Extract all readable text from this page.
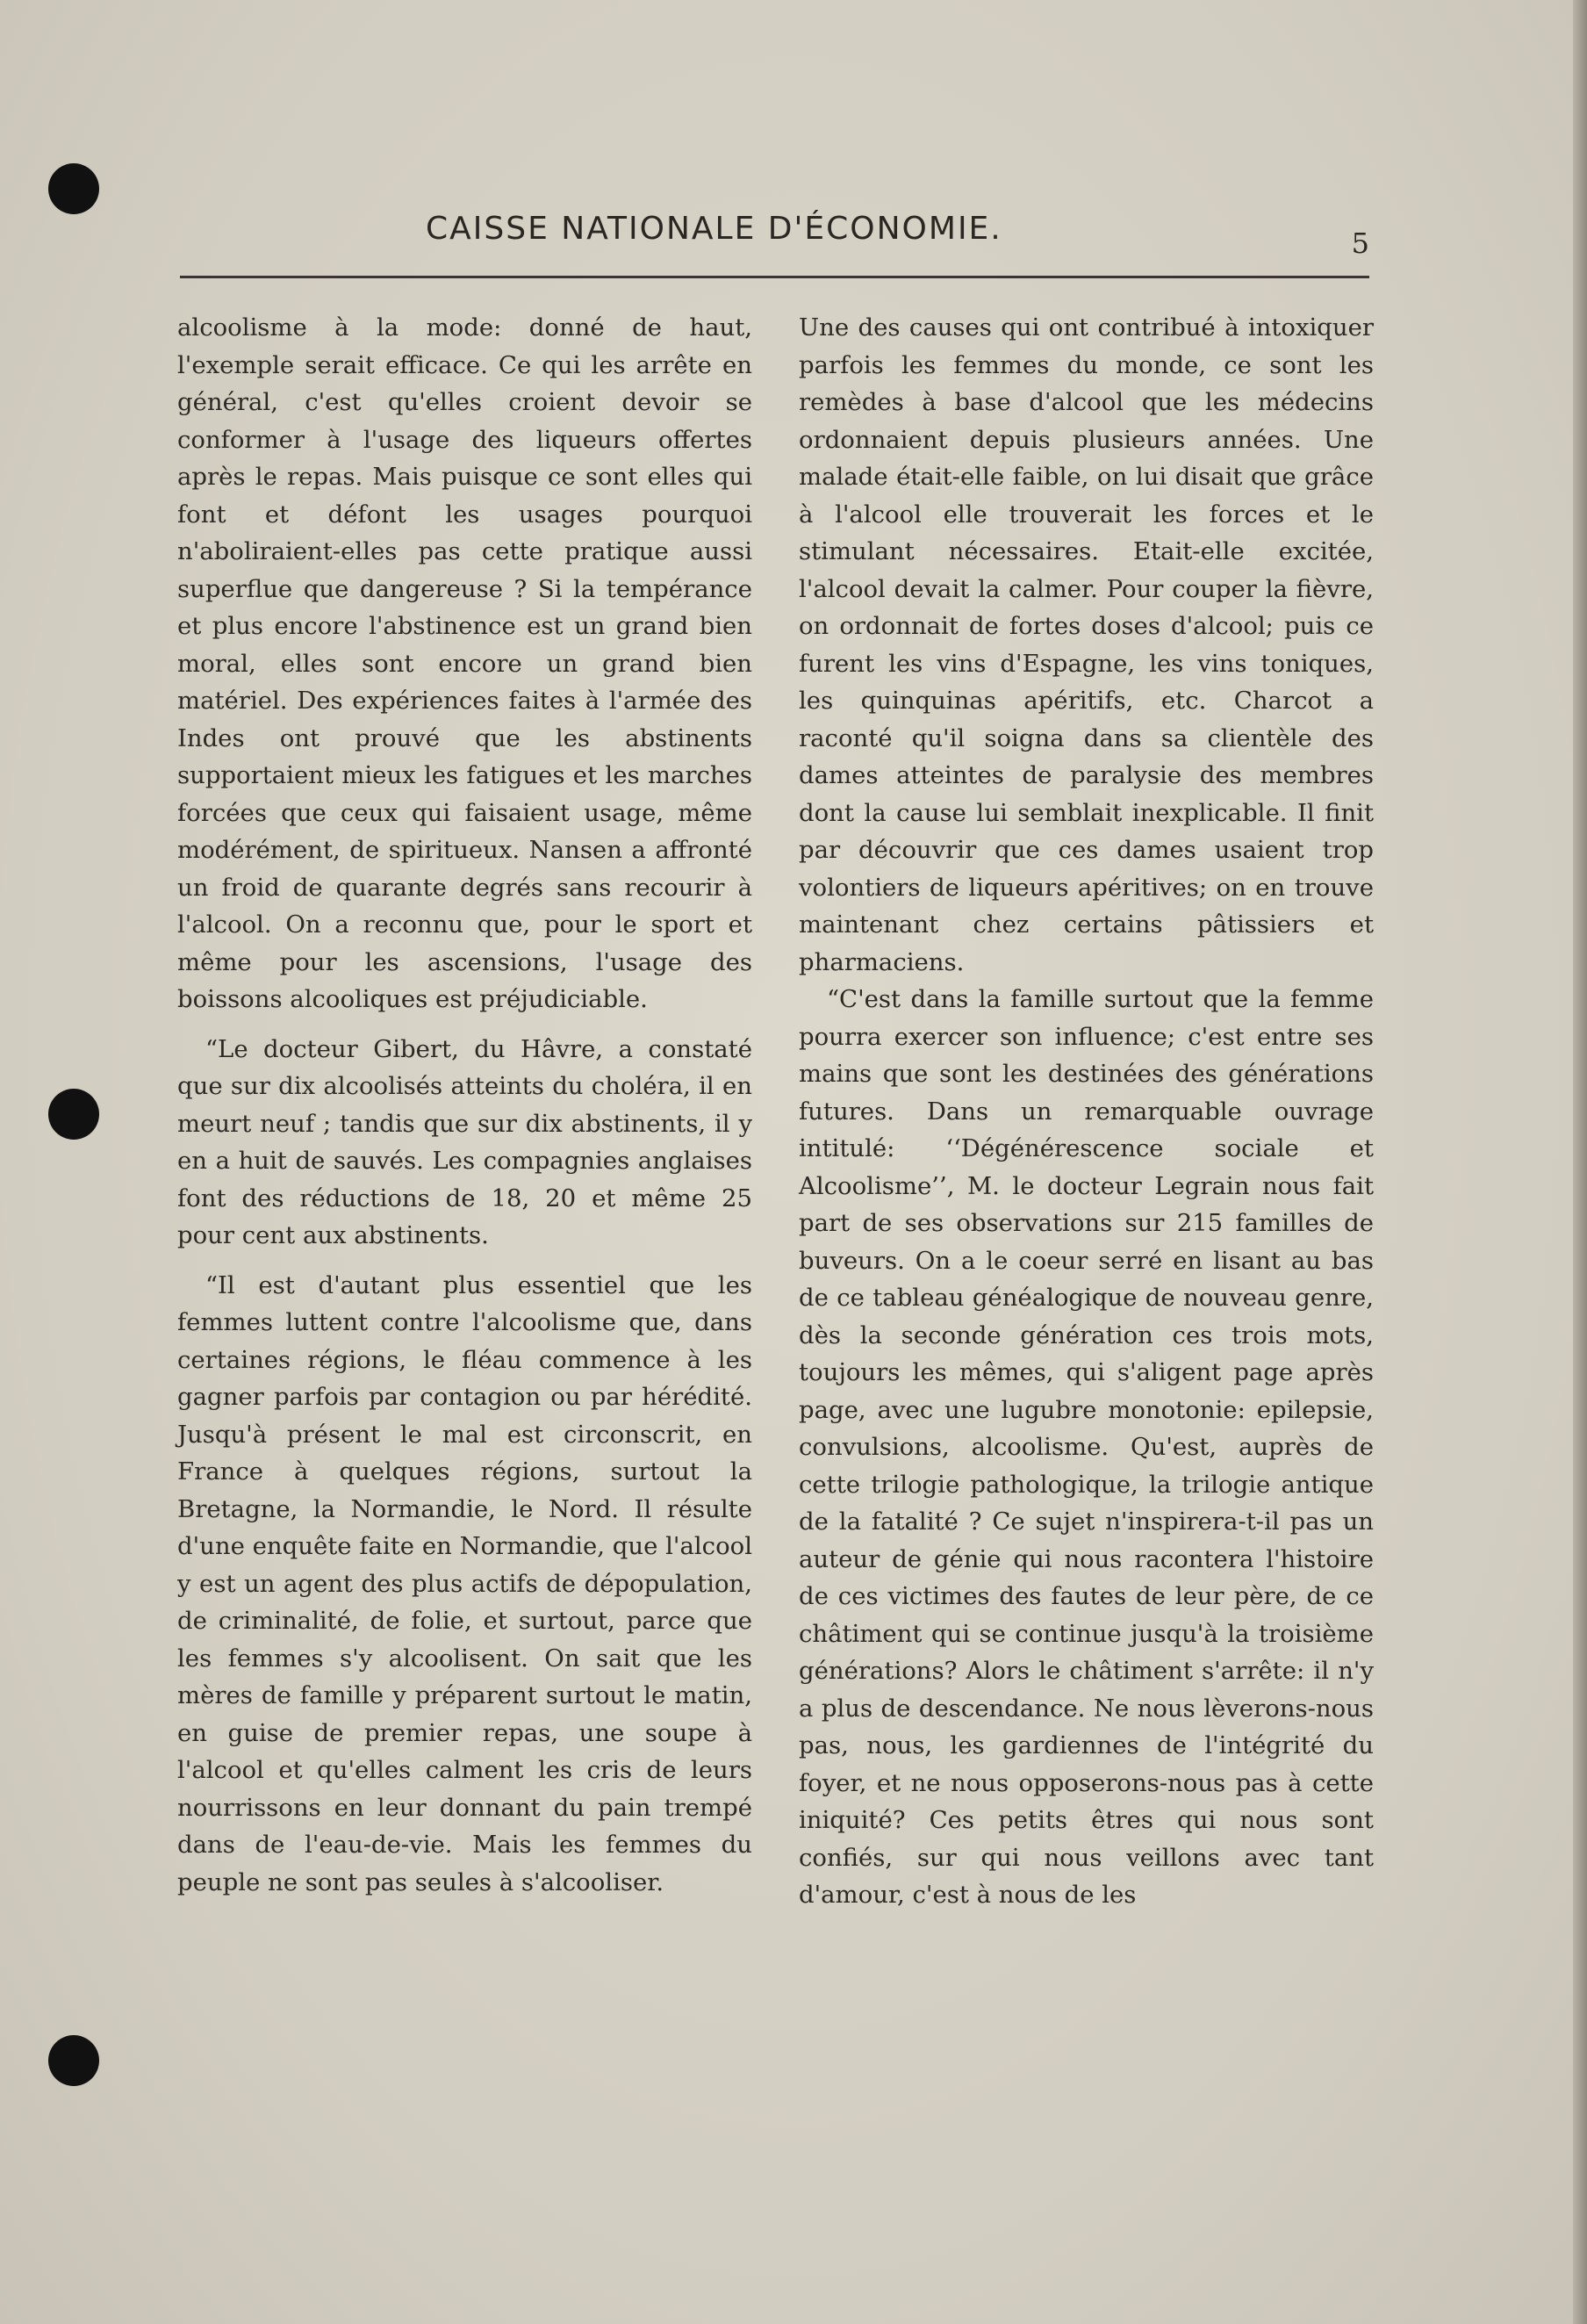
CAISSE NATIONALE D'ÉCONOMIE.	5

alcoolisme à la mode: donné de haut, l'exemple serait efficace. Ce qui les arrête en général, c'est qu'elles croient devoir se conformer à l'usage des liqueurs offertes après le repas. Mais puisque ce sont elles qui font et défont les usages pourquoi n'aboliraient-elles pas cette pratique aussi superflue que dangereuse ? Si la tempérance et plus encore l'abstinence est un grand bien moral, elles sont encore un grand bien matériel. Des expériences faites à l'armée des Indes ont prouvé que les abstinents supportaient mieux les fatigues et les marches forcées que ceux qui faisaient usage, même modérément, de spiritueux. Nansen a affronté un froid de quarante degrés sans recourir à l'alcool. On a reconnu que, pour le sport et même pour les ascensions, l'usage des boissons alcooliques est préjudiciable.

“Le docteur Gibert, du Hâvre, a constaté que sur dix alcoolisés atteints du choléra, il en meurt neuf ; tandis que sur dix abstinents, il y en a huit de sauvés. Les compagnies anglaises font des réductions de 18, 20 et même 25 pour cent aux abstinents.

“Il est d'autant plus essentiel que les femmes luttent contre l'alcoolisme que, dans certaines régions, le fléau commence à les gagner parfois par contagion ou par hérédité. Jusqu'à présent le mal est circonscrit, en France à quelques régions, surtout la Bretagne, la Normandie, le Nord. Il résulte d'une enquête faite en Normandie, que l'alcool y est un agent des plus actifs de dépopulation, de criminalité, de folie, et surtout, parce que les femmes s'y alcoolisent. On sait que les mères de famille y préparent surtout le matin, en guise de premier repas, une soupe à l'alcool et qu'elles calment les cris de leurs nourrissons en leur donnant du pain trempé dans de l'eau-de-vie. Mais les femmes du peuple ne sont pas seules à s'alcooliser.

Une des causes qui ont contribué à intoxiquer parfois les femmes du monde, ce sont les remèdes à base d'alcool que les médecins ordonnaient depuis plusieurs années. Une malade était-elle faible, on lui disait que grâce à l'alcool elle trouverait les forces et le stimulant nécessaires. Etait-elle excitée, l'alcool devait la calmer. Pour couper la fièvre, on ordonnait de fortes doses d'alcool; puis ce furent les vins d'Espagne, les vins toniques, les quinquinas apéritifs, etc. Charcot a raconté qu'il soigna dans sa clientèle des dames atteintes de paralysie des membres dont la cause lui semblait inexplicable. Il finit par découvrir que ces dames usaient trop volontiers de liqueurs apéritives; on en trouve maintenant chez certains pâtissiers et pharmaciens.

“C'est dans la famille surtout que la femme pourra exercer son influence; c'est entre ses mains que sont les destinées des générations futures. Dans un remarquable ouvrage intitulé: ‘‘Dégénérescence sociale et Alcoolisme’’, M. le docteur Legrain nous fait part de ses observations sur 215 familles de buveurs. On a le coeur serré en lisant au bas de ce tableau généalogique de nouveau genre, dès la seconde génération ces trois mots, toujours les mêmes, qui s'aligent page après page, avec une lugubre monotonie: epilepsie, convulsions, alcoolisme. Qu'est, auprès de cette trilogie pathologique, la trilogie antique de la fatalité ? Ce sujet n'inspirera-t-il pas un auteur de génie qui nous racontera l'histoire de ces victimes des fautes de leur père, de ce châtiment qui se continue jusqu'à la troisième générations? Alors le châtiment s'arrête: il n'y a plus de descendance. Ne nous lèverons-nous pas, nous, les gardiennes de l'intégrité du foyer, et ne nous opposerons-nous pas à cette iniquité? Ces petits êtres qui nous sont confiés, sur qui nous veillons avec tant d'amour, c'est à nous de les
